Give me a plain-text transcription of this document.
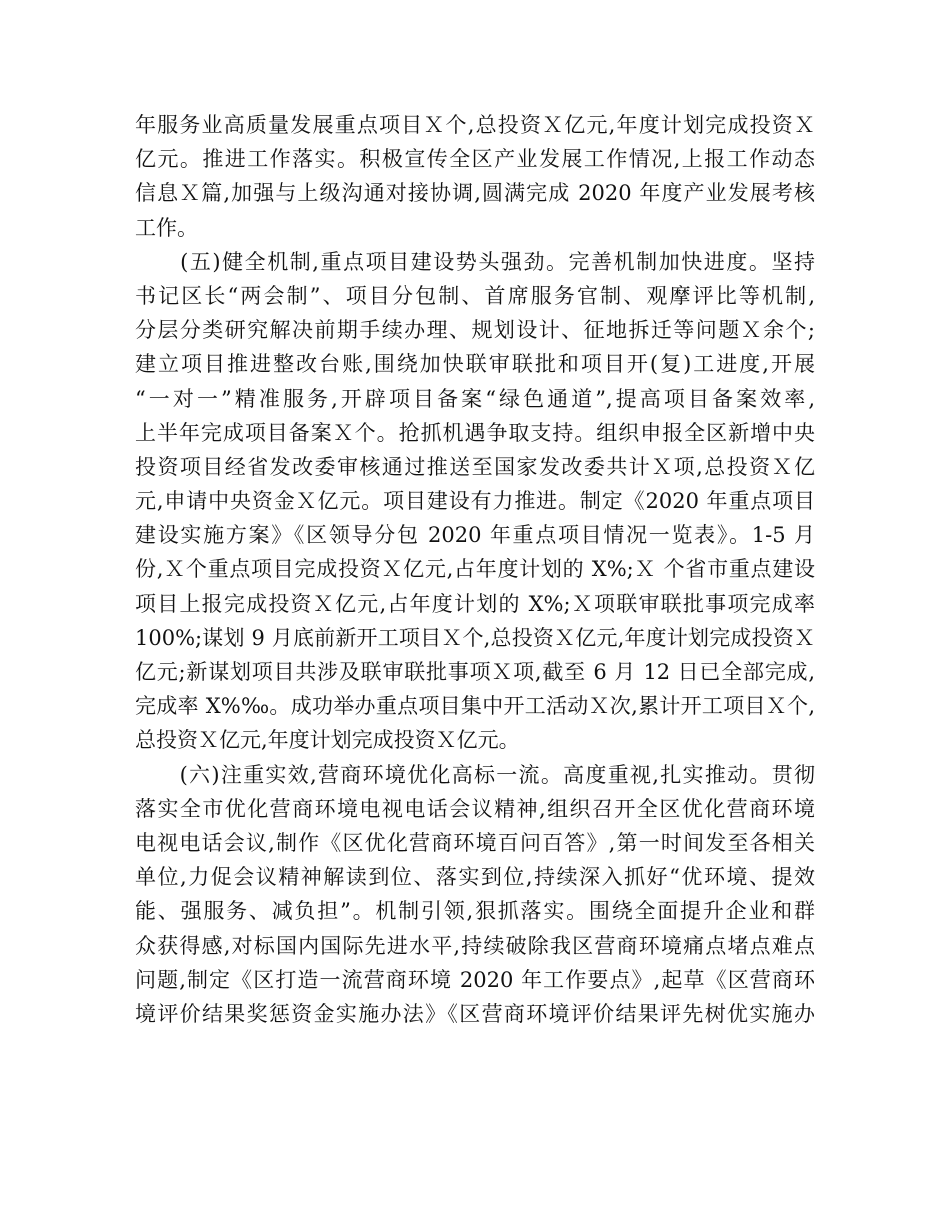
年服务业高质量发展重点项目Ｘ个,总投资Ｘ亿元,年度计划完成投资Ｘ
亿元。推进工作落实。积极宣传全区产业发展工作情况,上报工作动态
信息Ｘ篇,加强与上级沟通对接协调,圆满完成 2020 年度产业发展考核
工作。
　　(五)健全机制,重点项目建设势头强劲。完善机制加快进度。坚持
书记区长“两会制”、项目分包制、首席服务官制、观摩评比等机制,
分层分类研究解决前期手续办理、规划设计、征地拆迁等问题Ｘ余个;
建立项目推进整改台账,围绕加快联审联批和项目开(复)工进度,开展
“一对一”精准服务,开辟项目备案“绿色通道”,提高项目备案效率,
上半年完成项目备案Ｘ个。抢抓机遇争取支持。组织申报全区新增中央
投资项目经省发改委审核通过推送至国家发改委共计Ｘ项,总投资Ｘ亿
元,申请中央资金Ｘ亿元。项目建设有力推进。制定《2020 年重点项目
建设实施方案》《区领导分包 2020 年重点项目情况一览表》。1-5 月
份,Ｘ个重点项目完成投资Ｘ亿元,占年度计划的 X%;Ｘ 个省市重点建设
项目上报完成投资Ｘ亿元,占年度计划的 X%;Ｘ项联审联批事项完成率
100%;谋划 9 月底前新开工项目Ｘ个,总投资Ｘ亿元,年度计划完成投资Ｘ
亿元;新谋划项目共涉及联审联批事项Ｘ项,截至 6 月 12 日已全部完成,
完成率 X%‰。成功举办重点项目集中开工活动Ｘ次,累计开工项目Ｘ个,
总投资Ｘ亿元,年度计划完成投资Ｘ亿元。
　　(六)注重实效,营商环境优化高标一流。高度重视,扎实推动。贯彻
落实全市优化营商环境电视电话会议精神,组织召开全区优化营商环境
电视电话会议,制作《区优化营商环境百问百答》,第一时间发至各相关
单位,力促会议精神解读到位、落实到位,持续深入抓好“优环境、提效
能、强服务、减负担”。机制引领,狠抓落实。围绕全面提升企业和群
众获得感,对标国内国际先进水平,持续破除我区营商环境痛点堵点难点
问题,制定《区打造一流营商环境 2020 年工作要点》,起草《区营商环
境评价结果奖惩资金实施办法》《区营商环境评价结果评先树优实施办
